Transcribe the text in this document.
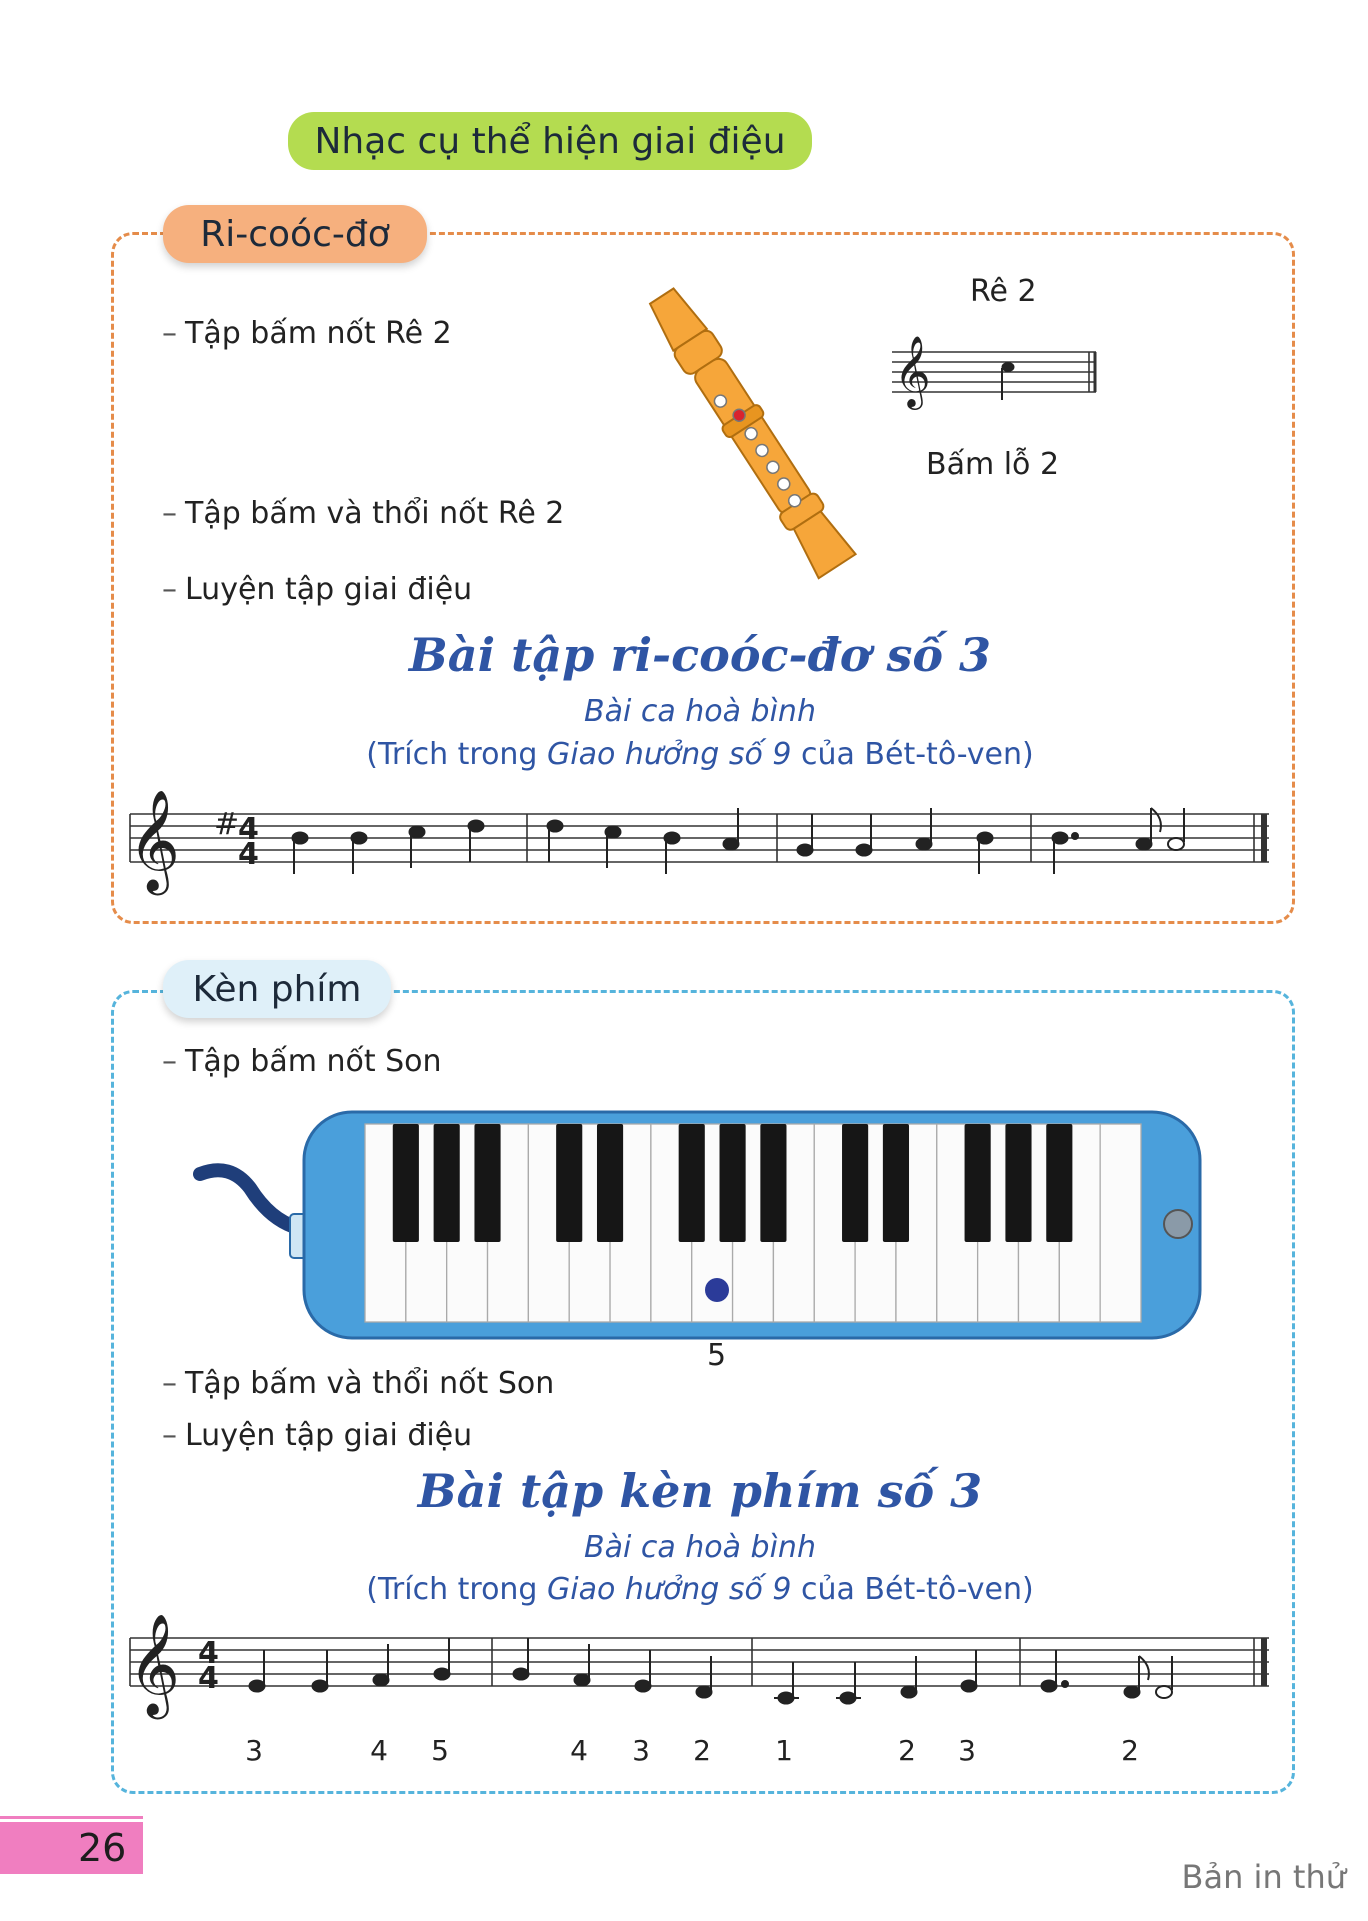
Nhạc cụ thể hiện giai điệu
Ri-coóc-đơ
– Tập bấm nốt Rê 2
– Tập bấm và thổi nốt Rê 2
– Luyện tập giai điệu
Rê 2
𝄞
Bấm lỗ 2
Bài tập ri-coóc-đơ số 3
Bài ca hoà bình
(Trích trong Giao hưởng số 9 của Bét-tô-ven)
𝄞 #
4
4
Kèn phím
– Tập bấm nốt Son
5
– Tập bấm và thổi nốt Son
– Luyện tập giai điệu
Bài tập kèn phím số 3
Bài ca hoà bình
(Trích trong Giao hưởng số 9 của Bét-tô-ven)
𝄞 4
4
3	4 5	4 3 2 1	2 3	2
26
Bản in thử
